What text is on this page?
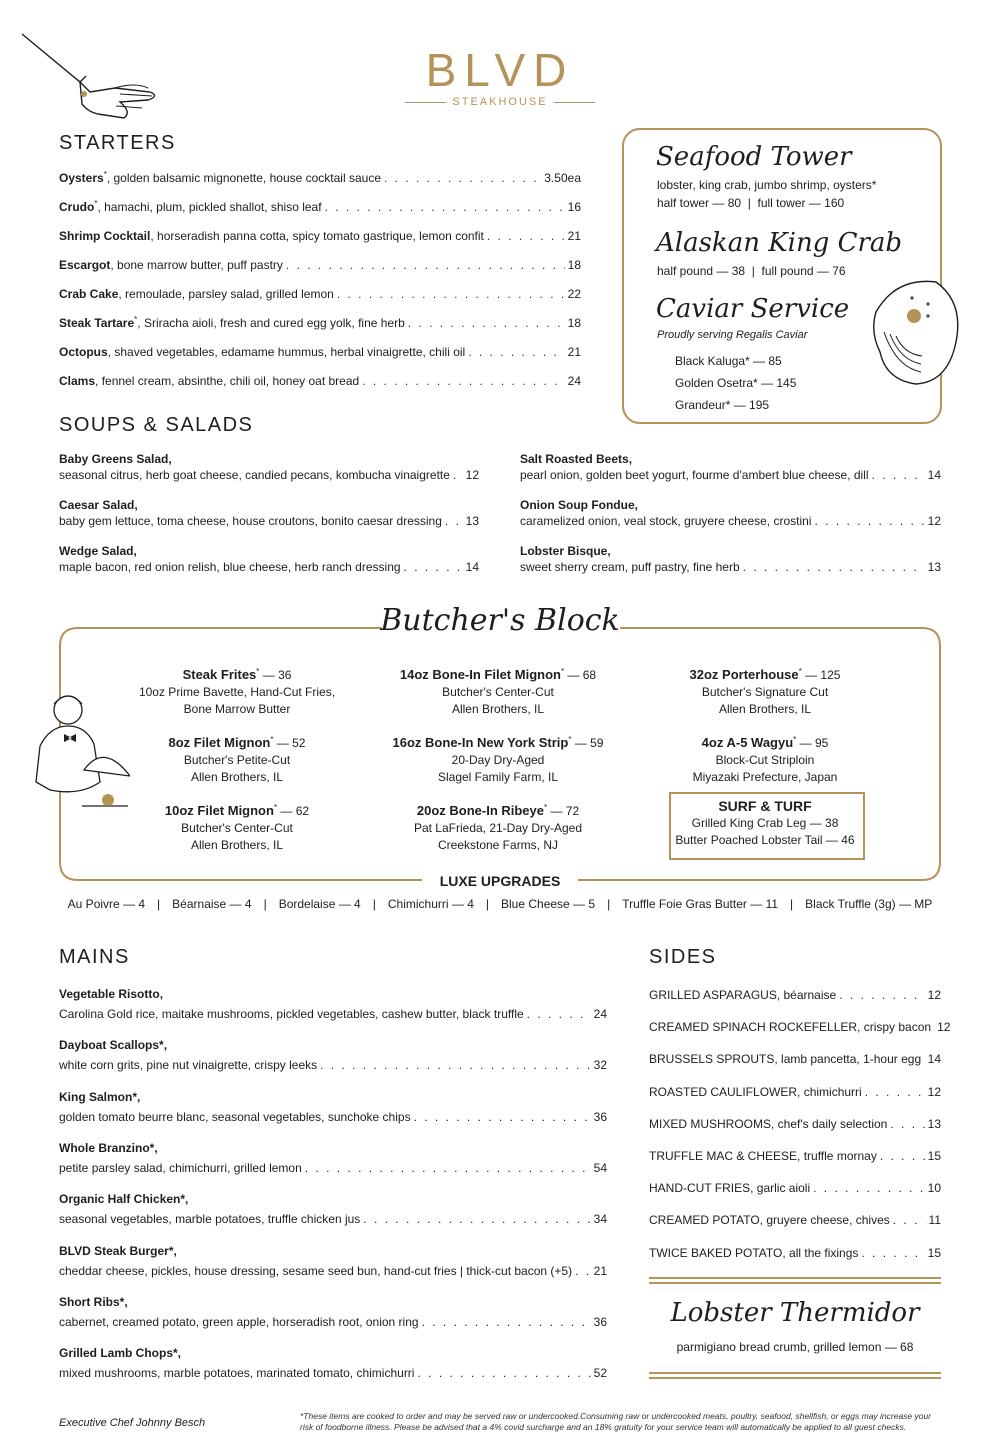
BLVD
STEAKHOUSE
STARTERS
Oysters*, golden balsamic mignonette, house cocktail sauce . . .	3.50ea
Crudo*, hamachi, plum, pickled shallot, shiso leaf . . .	16
Shrimp Cocktail, horseradish panna cotta, spicy tomato gastrique, lemon confit . . .	21
Escargot, bone marrow butter, puff pastry . . .	18
Crab Cake, remoulade, parsley salad, grilled lemon . . .	22
Steak Tartare*, Sriracha aioli, fresh and cured egg yolk, fine herb . . .	18
Octopus, shaved vegetables, edamame hummus, herbal vinaigrette, chili oil . . .	21
Clams, fennel cream, absinthe, chili oil, honey oat bread . . .	24
Seafood Tower
lobster, king crab, jumbo shrimp, oysters*
half tower — 80  |  full tower — 160
Alaskan King Crab
half pound — 38  |  full pound — 76
Caviar Service
Proudly serving Regalis Caviar
Black Kaluga* — 85
Golden Osetra* — 145
Grandeur* — 195
SOUPS & SALADS
Baby Greens Salad,
seasonal citrus, herb goat cheese, candied pecans, kombucha vinaigrette . . . 12
Caesar Salad,
baby gem lettuce, toma cheese, house croutons, bonito caesar dressing . . . 13
Wedge Salad,
maple bacon, red onion relish, blue cheese, herb ranch dressing . . .	14
Salt Roasted Beets,
pearl onion, golden beet yogurt, fourme d'ambert blue cheese, dill . . .	14
Onion Soup Fondue,
caramelized onion, veal stock, gruyere cheese, crostini . . .	12
Lobster Bisque,
sweet sherry cream, puff pastry, fine herb . . .	13
Butcher's Block
Steak Frites* — 36
10oz Prime Bavette, Hand-Cut Fries,
Bone Marrow Butter
14oz Bone-In Filet Mignon* — 68
Butcher's Center-Cut
Allen Brothers, IL
32oz Porterhouse* — 125
Butcher's Signature Cut
Allen Brothers, IL
8oz Filet Mignon* — 52
Butcher's Petite-Cut
Allen Brothers, IL
16oz Bone-In New York Strip* — 59
20-Day Dry-Aged
Slagel Family Farm, IL
4oz A-5 Wagyu* — 95
Block-Cut Striploin
Miyazaki Prefecture, Japan
10oz Filet Mignon* — 62
Butcher's Center-Cut
Allen Brothers, IL
20oz Bone-In Ribeye* — 72
Pat LaFrieda, 21-Day Dry-Aged
Creekstone Farms, NJ
SURF & TURF
Grilled King Crab Leg — 38
Butter Poached Lobster Tail — 46
LUXE UPGRADES
Au Poivre — 4 | Béarnaise — 4 | Bordelaise — 4 | Chimichurri — 4 | Blue Cheese — 5 | Truffle Foie Gras Butter — 11 | Black Truffle (3g) — MP
MAINS
Vegetable Risotto,
Carolina Gold rice, maitake mushrooms, pickled vegetables, cashew butter, black truffle . . .	24
Dayboat Scallops*,
white corn grits, pine nut vinaigrette, crispy leeks . . .	32
King Salmon*,
golden tomato beurre blanc, seasonal vegetables, sunchoke chips . . .	36
Whole Branzino*,
petite parsley salad, chimichurri, grilled lemon . . .	54
Organic Half Chicken*,
seasonal vegetables, marble potatoes, truffle chicken jus . . .	34
BLVD Steak Burger*,
cheddar cheese, pickles, house dressing, sesame seed bun, hand-cut fries | thick-cut bacon (+5) . . . 21
Short Ribs*,
cabernet, creamed potato, green apple, horseradish root, onion ring . . .	36
Grilled Lamb Chops*,
mixed mushrooms, marble potatoes, marinated tomato, chimichurri . . .	52
SIDES
GRILLED ASPARAGUS, béarnaise . . .	12
CREAMED SPINACH ROCKEFELLER, crispy bacon 12
BRUSSELS SPROUTS, lamb pancetta, 1-hour egg . . . 14
ROASTED CAULIFLOWER, chimichurri . . .	12
MIXED MUSHROOMS, chef's daily selection . . .	13
TRUFFLE MAC & CHEESE, truffle mornay . . .	15
HAND-CUT FRIES, garlic aioli . . .	10
CREAMED POTATO, gruyere cheese, chives . . .	11
TWICE BAKED POTATO, all the fixings . . .	15
Lobster Thermidor
parmigiano bread crumb, grilled lemon — 68
Executive Chef Johnny Besch
*These items are cooked to order and may be served raw or undercooked.Consuming raw or undercooked meats, poultry, seafood, shellfish, or eggs may increase your risk of foodborne illness. Please be advised that a 4% covid surcharge and an 18% gratuity for your service team will automatically be applied to all guest checks.
